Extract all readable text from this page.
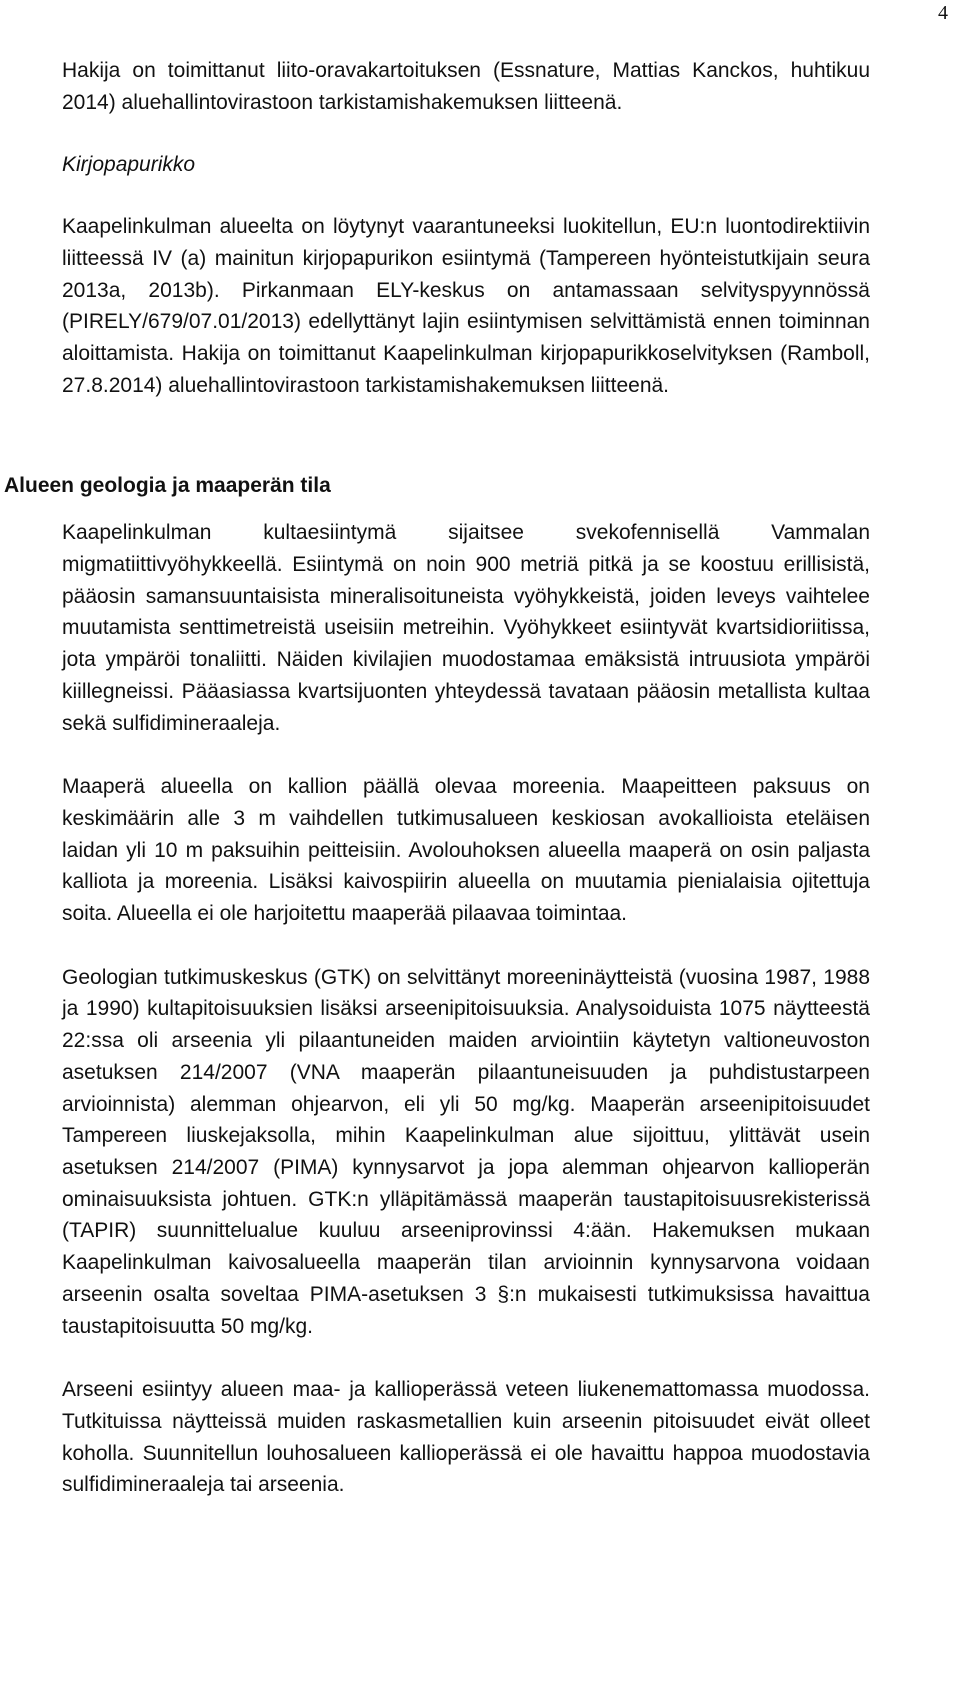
4

Hakija on toimittanut liito-oravakartoituksen (Essnature, Mattias Kanckos, huhtikuu 2014) aluehallintovirastoon tarkistamishakemuksen liitteenä.

Kirjopapurikko

Kaapelinkulman alueelta on löytynyt vaarantuneeksi luokitellun, EU:n luontodirektiivin liitteessä IV (a) mainitun kirjopapurikon esiintymä (Tampereen hyönteistutkijain seura 2013a, 2013b). Pirkanmaan ELY-keskus on antamassaan selvityspyynnössä (PIRELY/679/07.01/2013) edellyttänyt lajin esiintymisen selvittämistä ennen toiminnan aloittamista. Hakija on toimittanut Kaapelinkulman kirjopapurikkoselvityksen (Ramboll, 27.8.2014) aluehallintovirastoon tarkistamishakemuksen liitteenä.

Kaapelinkulman kultaesiintymä sijaitsee svekofennisellä Vammalan migmatiittivyöhykkeellä. Esiintymä on noin 900 metriä pitkä ja se koostuu erillisistä, pääosin samansuuntaisista mineralisoituneista vyöhykkeistä, joiden leveys vaihtelee muutamista senttimetreistä useisiin metreihin. Vyöhykkeet esiintyvät kvartsidioriitissa, jota ympäröi tonaliitti. Näiden kivilajien muodostamaa emäksistä intruusiota ympäröi kiillegneissi. Pääasiassa kvartsijuonten yhteydessä tavataan pääosin metallista kultaa sekä sulfidimineraaleja.

Maaperä alueella on kallion päällä olevaa moreenia. Maapeitteen paksuus on keskimäärin alle 3 m vaihdellen tutkimusalueen keskiosan avokallioista eteläisen laidan yli 10 m paksuihin peitteisiin. Avolouhoksen alueella maaperä on osin paljasta kalliota ja moreenia. Lisäksi kaivospiirin alueella on muutamia pienialaisia ojitettuja soita. Alueella ei ole harjoitettu maaperää pilaavaa toimintaa.

Geologian tutkimuskeskus (GTK) on selvittänyt moreeninäytteistä (vuosina 1987, 1988 ja 1990) kultapitoisuuksien lisäksi arseenipitoisuuksia. Analysoiduista 1075 näytteestä 22:ssa oli arseenia yli pilaantuneiden maiden arviointiin käytetyn valtioneuvoston asetuksen 214/2007 (VNA maaperän pilaantuneisuuden ja puhdistustarpeen arvioinnista) alemman ohjearvon, eli yli 50 mg/kg. Maaperän arseenipitoisuudet Tampereen liuskejaksolla, mihin Kaapelinkulman alue sijoittuu, ylittävät usein asetuksen 214/2007 (PIMA) kynnysarvot ja jopa alemman ohjearvon kallioperän ominaisuuksista johtuen. GTK:n ylläpitämässä maaperän taustapitoisuusrekisterissä (TAPIR) suunnittelualue kuuluu arseeniprovinssi 4:ään. Hakemuksen mukaan Kaapelinkulman kaivosalueella maaperän tilan arvioinnin kynnysarvona voidaan arseenin osalta soveltaa PIMA-asetuksen 3 §:n mukaisesti tutkimuksissa havaittua taustapitoisuutta 50 mg/kg.

Arseeni esiintyy alueen maa- ja kallioperässä veteen liukenemattomassa muodossa. Tutkituissa näytteissä muiden raskasmetallien kuin arseenin pitoisuudet eivät olleet koholla. Suunnitellun louhosalueen kallioperässä ei ole havaittu happoa muodostavia sulfidimineraaleja tai arseenia.

Alueen geologia ja maaperän tila
